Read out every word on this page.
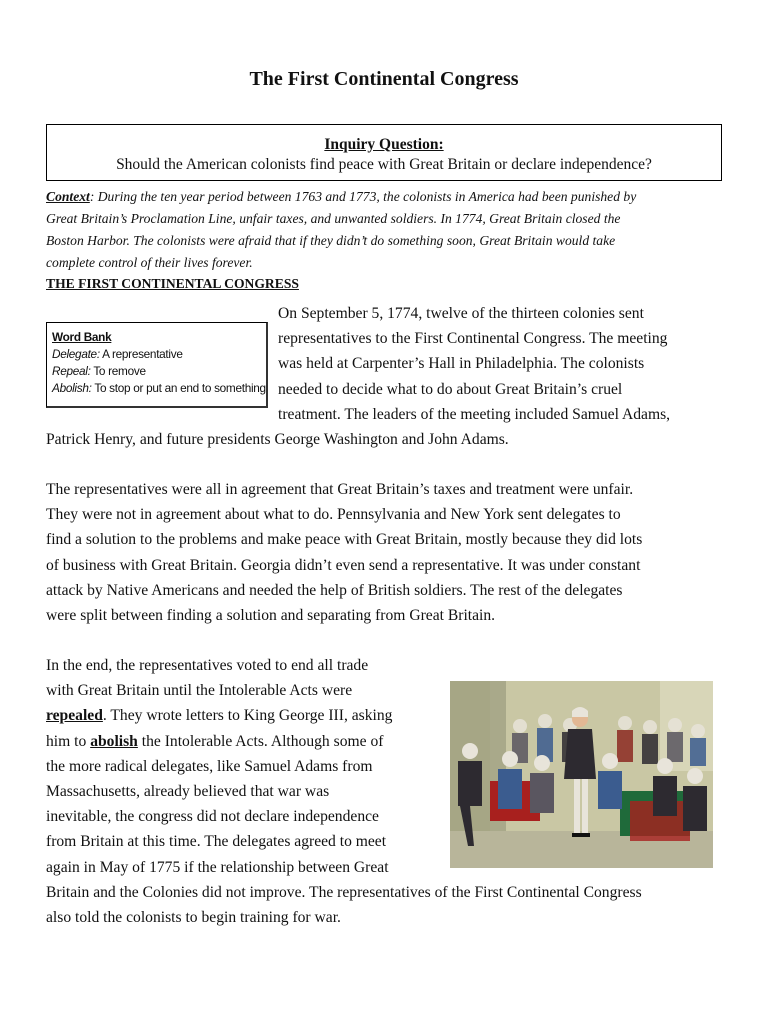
The First Continental Congress
Inquiry Question:
Should the American colonists find peace with Great Britain or declare independence?
Context: During the ten year period between 1763 and 1773, the colonists in America had been punished by
Great Britain’s Proclamation Line, unfair taxes, and unwanted soldiers. In 1774, Great Britain closed the
Boston Harbor. The colonists were afraid that if they didn’t do something soon, Great Britain would take
complete control of their lives forever.
THE FIRST CONTINENTAL CONGRESS
Word Bank
Delegate: A representative
Repeal: To remove
Abolish: To stop or put an end to something
On September 5, 1774, twelve of the thirteen colonies sent
representatives to the First Continental Congress. The meeting
was held at Carpenter’s Hall in Philadelphia. The colonists
needed to decide what to do about Great Britain’s cruel
treatment. The leaders of the meeting included Samuel Adams,
Patrick Henry, and future presidents George Washington and John Adams.
The representatives were all in agreement that Great Britain’s taxes and treatment were unfair.
They were not in agreement about what to do. Pennsylvania and New York sent delegates to
find a solution to the problems and make peace with Great Britain, mostly because they did lots
of business with Great Britain. Georgia didn’t even send a representative. It was under constant
attack by Native Americans and needed the help of British soldiers. The rest of the delegates
were split between finding a solution and separating from Great Britain.
In the end, the representatives voted to end all trade
with Great Britain until the Intolerable Acts were
repealed. They wrote letters to King George III, asking
him to abolish the Intolerable Acts. Although some of
the more radical delegates, like Samuel Adams from
Massachusetts, already believed that war was
inevitable, the congress did not declare independence
from Britain at this time. The delegates agreed to meet
again in May of 1775 if the relationship between Great
Britain and the Colonies did not improve. The representatives of the First Continental Congress
also told the colonists to begin training for war.
